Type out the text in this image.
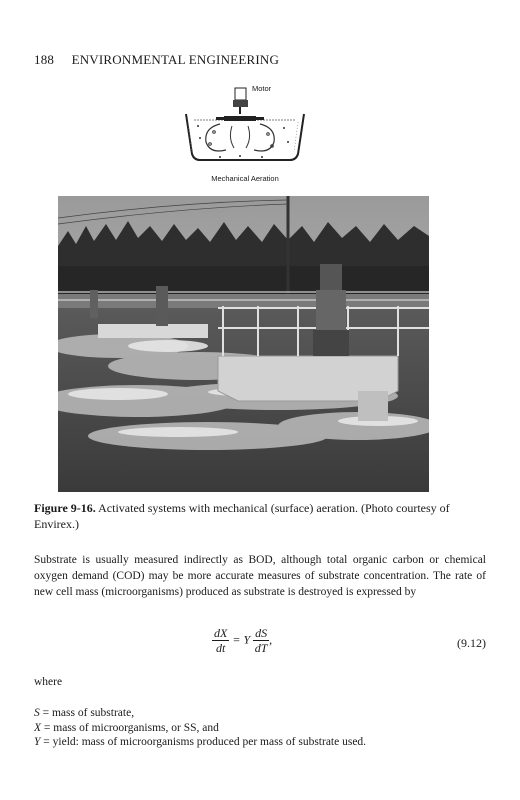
188 ENVIRONMENTAL ENGINEERING
Motor
Mechanical Aeration
Figure 9-16. Activated systems with mechanical (surface) aeration. (Photo courtesy of Envirex.)
Substrate is usually measured indirectly as BOD, although total organic carbon or chemical oxygen demand (COD) may be more accurate measures of substrate concentration. The rate of new cell mass (microorganisms) produced as substrate is destroyed is expressed by
$\frac{dX}{dt} = Y \frac{dS}{dT}$ ,	(9.12)
where
S = mass of substrate,
X = mass of microorganisms, or SS, and
Y = yield: mass of microorganisms produced per mass of substrate used.
